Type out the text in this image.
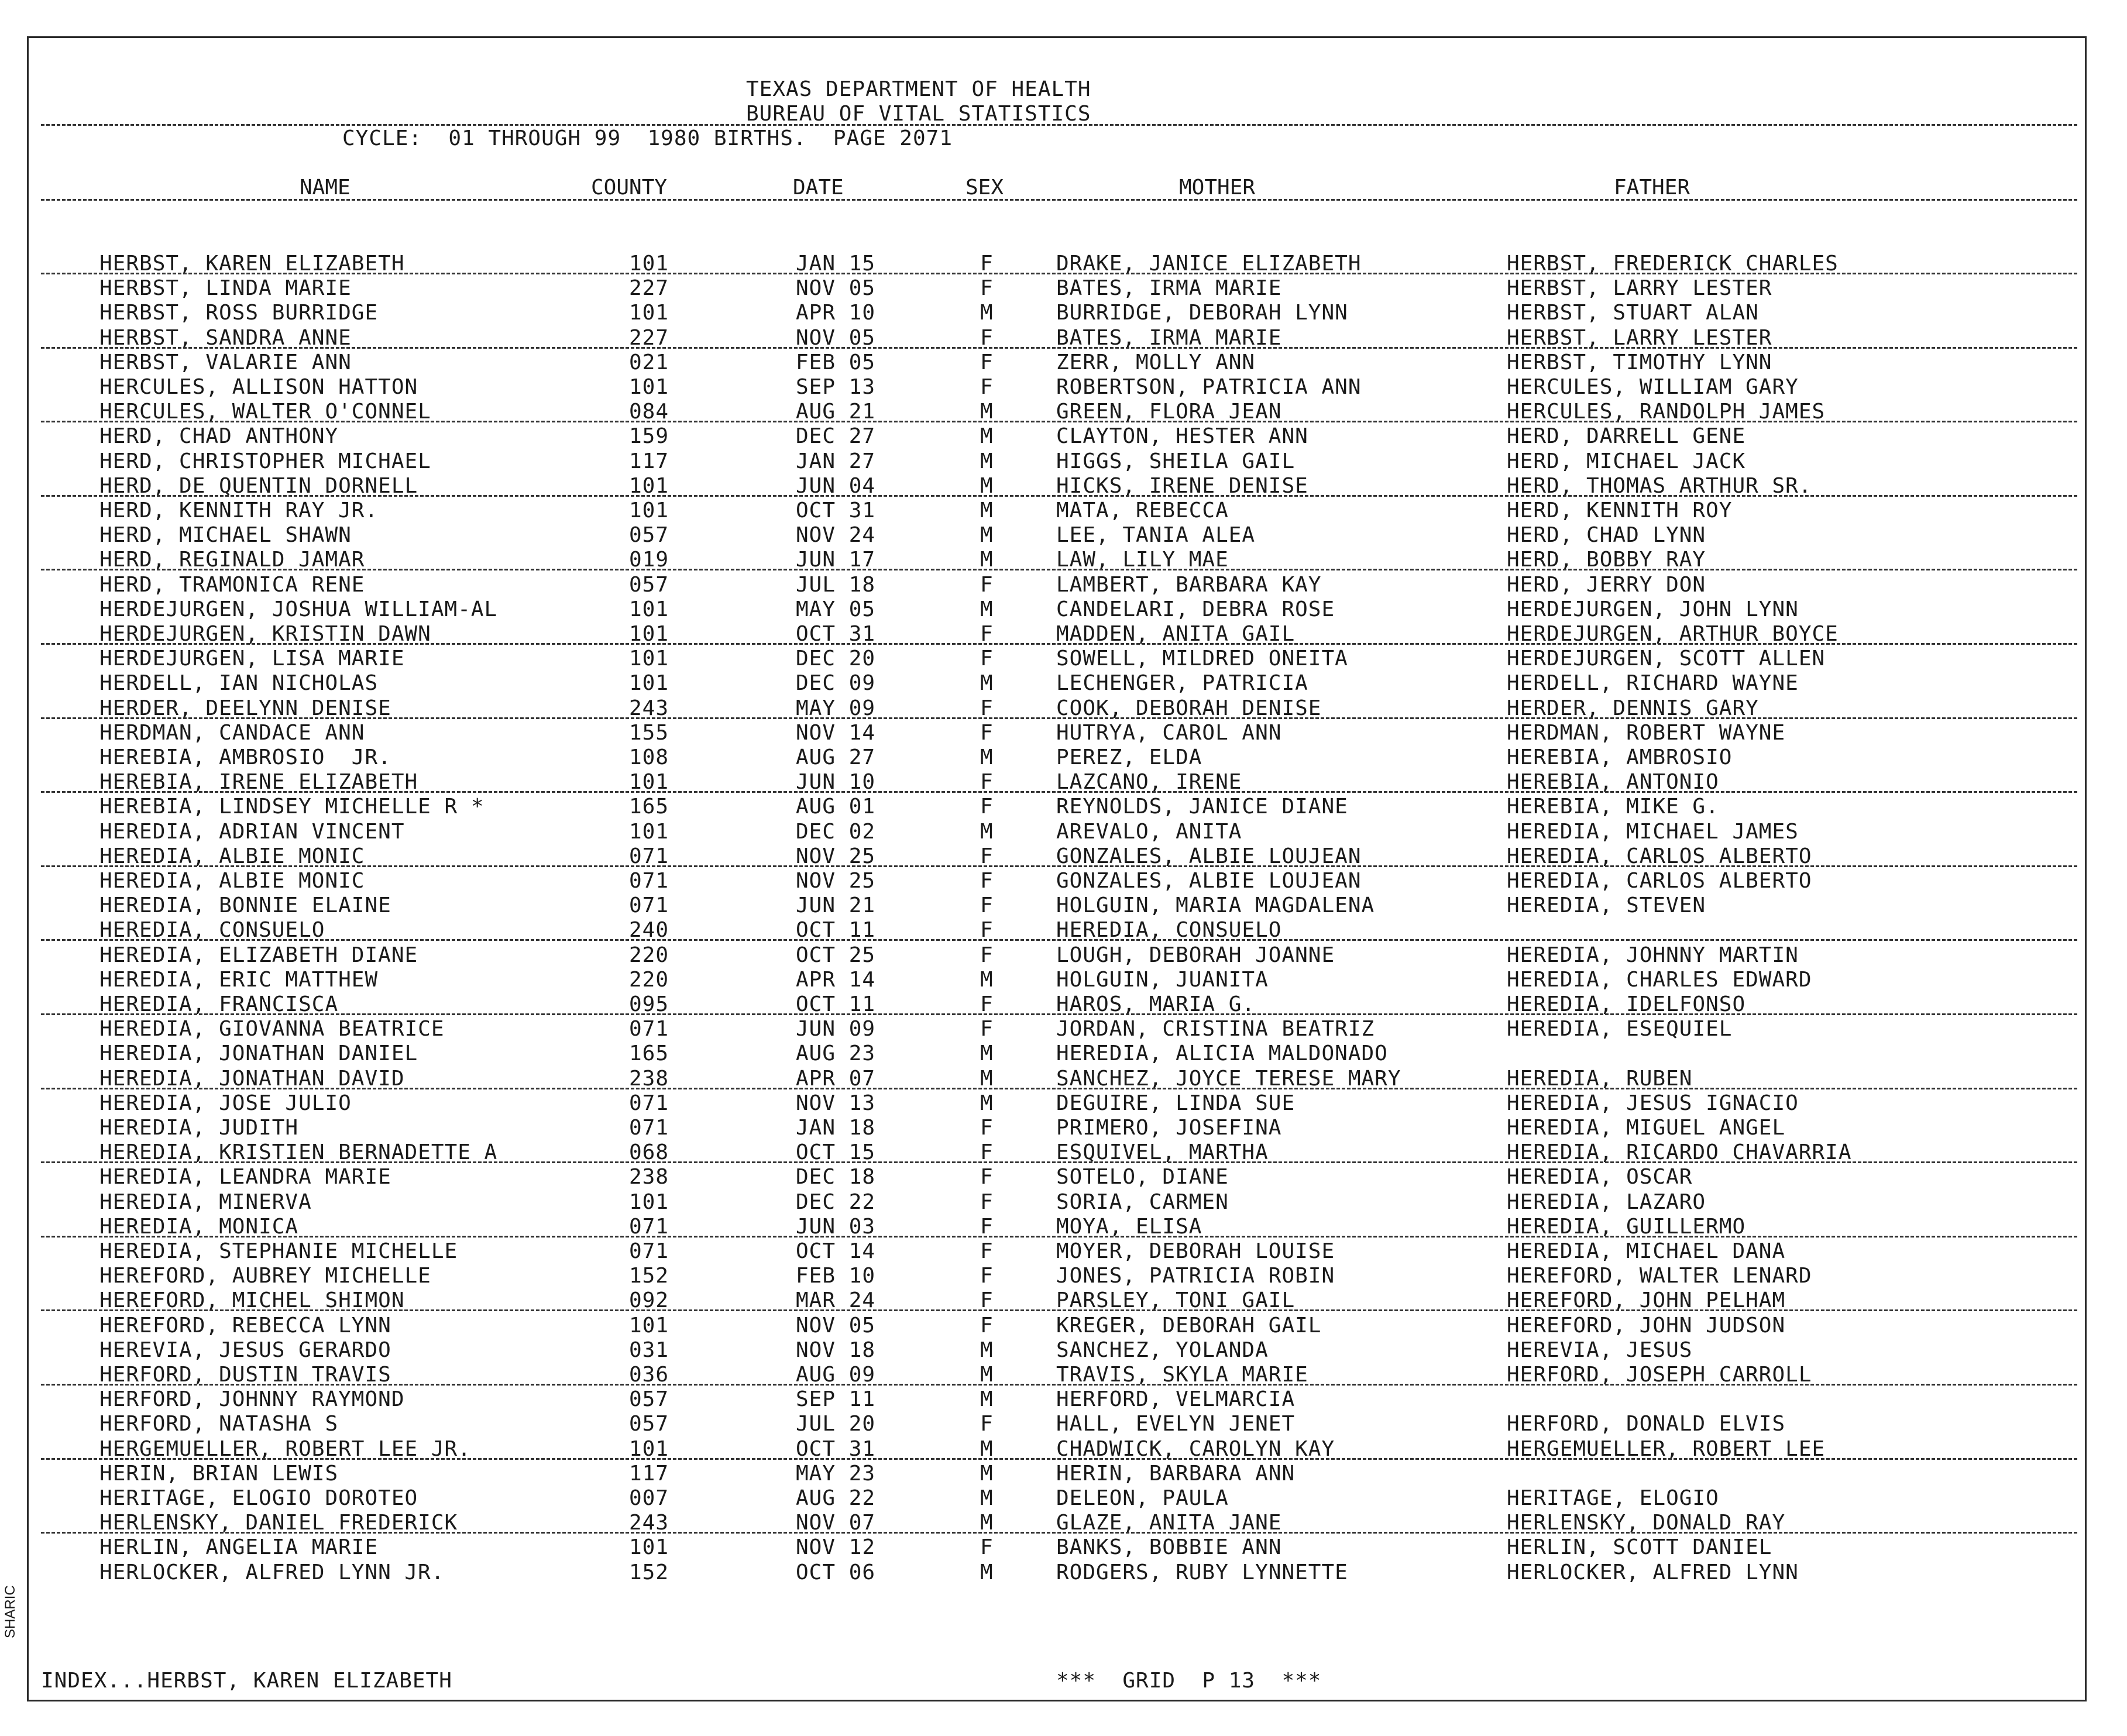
TEXAS DEPARTMENT OF HEALTH
BUREAU OF VITAL STATISTICS
CYCLE:  01 THROUGH 99  1980 BIRTHS.  PAGE 2071
NAME	COUNTY	DATE	SEX	MOTHER	FATHER
HERBST, KAREN ELIZABETH	101	JAN 15	F	DRAKE, JANICE ELIZABETH	HERBST, FREDERICK CHARLES
HERBST, LINDA MARIE	227	NOV 05	F	BATES, IRMA MARIE	HERBST, LARRY LESTER
HERBST, ROSS BURRIDGE	101	APR 10	M	BURRIDGE, DEBORAH LYNN	HERBST, STUART ALAN
HERBST, SANDRA ANNE	227	NOV 05	F	BATES, IRMA MARIE	HERBST, LARRY LESTER
HERBST, VALARIE ANN	021	FEB 05	F	ZERR, MOLLY ANN	HERBST, TIMOTHY LYNN
HERCULES, ALLISON HATTON	101	SEP 13	F	ROBERTSON, PATRICIA ANN	HERCULES, WILLIAM GARY
HERCULES, WALTER O'CONNEL	084	AUG 21	M	GREEN, FLORA JEAN	HERCULES, RANDOLPH JAMES
HERD, CHAD ANTHONY	159	DEC 27	M	CLAYTON, HESTER ANN	HERD, DARRELL GENE
HERD, CHRISTOPHER MICHAEL	117	JAN 27	M	HIGGS, SHEILA GAIL	HERD, MICHAEL JACK
HERD, DE QUENTIN DORNELL	101	JUN 04	M	HICKS, IRENE DENISE	HERD, THOMAS ARTHUR SR.
HERD, KENNITH RAY JR.	101	OCT 31	M	MATA, REBECCA	HERD, KENNITH ROY
HERD, MICHAEL SHAWN	057	NOV 24	M	LEE, TANIA ALEA	HERD, CHAD LYNN
HERD, REGINALD JAMAR	019	JUN 17	M	LAW, LILY MAE	HERD, BOBBY RAY
HERD, TRAMONICA RENE	057	JUL 18	F	LAMBERT, BARBARA KAY	HERD, JERRY DON
HERDEJURGEN, JOSHUA WILLIAM-AL	101	MAY 05	M	CANDELARI, DEBRA ROSE	HERDEJURGEN, JOHN LYNN
HERDEJURGEN, KRISTIN DAWN	101	OCT 31	F	MADDEN, ANITA GAIL	HERDEJURGEN, ARTHUR BOYCE
HERDEJURGEN, LISA MARIE	101	DEC 20	F	SOWELL, MILDRED ONEITA	HERDEJURGEN, SCOTT ALLEN
HERDELL, IAN NICHOLAS	101	DEC 09	M	LECHENGER, PATRICIA	HERDELL, RICHARD WAYNE
HERDER, DEELYNN DENISE	243	MAY 09	F	COOK, DEBORAH DENISE	HERDER, DENNIS GARY
HERDMAN, CANDACE ANN	155	NOV 14	F	HUTRYA, CAROL ANN	HERDMAN, ROBERT WAYNE
HEREBIA, AMBROSIO  JR.	108	AUG 27	M	PEREZ, ELDA	HEREBIA, AMBROSIO
HEREBIA, IRENE ELIZABETH	101	JUN 10	F	LAZCANO, IRENE	HEREBIA, ANTONIO
HEREBIA, LINDSEY MICHELLE R *	165	AUG 01	F	REYNOLDS, JANICE DIANE	HEREBIA, MIKE G.
HEREDIA, ADRIAN VINCENT	101	DEC 02	M	AREVALO, ANITA	HEREDIA, MICHAEL JAMES
HEREDIA, ALBIE MONIC	071	NOV 25	F	GONZALES, ALBIE LOUJEAN	HEREDIA, CARLOS ALBERTO
HEREDIA, ALBIE MONIC	071	NOV 25	F	GONZALES, ALBIE LOUJEAN	HEREDIA, CARLOS ALBERTO
HEREDIA, BONNIE ELAINE	071	JUN 21	F	HOLGUIN, MARIA MAGDALENA	HEREDIA, STEVEN
HEREDIA, CONSUELO	240	OCT 11	F	HEREDIA, CONSUELO
HEREDIA, ELIZABETH DIANE	220	OCT 25	F	LOUGH, DEBORAH JOANNE	HEREDIA, JOHNNY MARTIN
HEREDIA, ERIC MATTHEW	220	APR 14	M	HOLGUIN, JUANITA	HEREDIA, CHARLES EDWARD
HEREDIA, FRANCISCA	095	OCT 11	F	HAROS, MARIA G.	HEREDIA, IDELFONSO
HEREDIA, GIOVANNA BEATRICE	071	JUN 09	F	JORDAN, CRISTINA BEATRIZ	HEREDIA, ESEQUIEL
HEREDIA, JONATHAN DANIEL	165	AUG 23	M	HEREDIA, ALICIA MALDONADO
HEREDIA, JONATHAN DAVID	238	APR 07	M	SANCHEZ, JOYCE TERESE MARY	HEREDIA, RUBEN
HEREDIA, JOSE JULIO	071	NOV 13	M	DEGUIRE, LINDA SUE	HEREDIA, JESUS IGNACIO
HEREDIA, JUDITH	071	JAN 18	F	PRIMERO, JOSEFINA	HEREDIA, MIGUEL ANGEL
HEREDIA, KRISTIEN BERNADETTE A	068	OCT 15	F	ESQUIVEL, MARTHA	HEREDIA, RICARDO CHAVARRIA
HEREDIA, LEANDRA MARIE	238	DEC 18	F	SOTELO, DIANE	HEREDIA, OSCAR
HEREDIA, MINERVA	101	DEC 22	F	SORIA, CARMEN	HEREDIA, LAZARO
HEREDIA, MONICA	071	JUN 03	F	MOYA, ELISA	HEREDIA, GUILLERMO
HEREDIA, STEPHANIE MICHELLE	071	OCT 14	F	MOYER, DEBORAH LOUISE	HEREDIA, MICHAEL DANA
HEREFORD, AUBREY MICHELLE	152	FEB 10	F	JONES, PATRICIA ROBIN	HEREFORD, WALTER LENARD
HEREFORD, MICHEL SHIMON	092	MAR 24	F	PARSLEY, TONI GAIL	HEREFORD, JOHN PELHAM
HEREFORD, REBECCA LYNN	101	NOV 05	F	KREGER, DEBORAH GAIL	HEREFORD, JOHN JUDSON
HEREVIA, JESUS GERARDO	031	NOV 18	M	SANCHEZ, YOLANDA	HEREVIA, JESUS
HERFORD, DUSTIN TRAVIS	036	AUG 09	M	TRAVIS, SKYLA MARIE	HERFORD, JOSEPH CARROLL
HERFORD, JOHNNY RAYMOND	057	SEP 11	M	HERFORD, VELMARCIA
HERFORD, NATASHA S	057	JUL 20	F	HALL, EVELYN JENET	HERFORD, DONALD ELVIS
HERGEMUELLER, ROBERT LEE JR.	101	OCT 31	M	CHADWICK, CAROLYN KAY	HERGEMUELLER, ROBERT LEE
HERIN, BRIAN LEWIS	117	MAY 23	M	HERIN, BARBARA ANN
HERITAGE, ELOGIO DOROTEO	007	AUG 22	M	DELEON, PAULA	HERITAGE, ELOGIO
HERLENSKY, DANIEL FREDERICK	243	NOV 07	M	GLAZE, ANITA JANE	HERLENSKY, DONALD RAY
HERLIN, ANGELIA MARIE	101	NOV 12	F	BANKS, BOBBIE ANN	HERLIN, SCOTT DANIEL
HERLOCKER, ALFRED LYNN JR.	152	OCT 06	M	RODGERS, RUBY LYNNETTE	HERLOCKER, ALFRED LYNN
INDEX...HERBST, KAREN ELIZABETH	***  GRID  P 13  ***
SHARIC
